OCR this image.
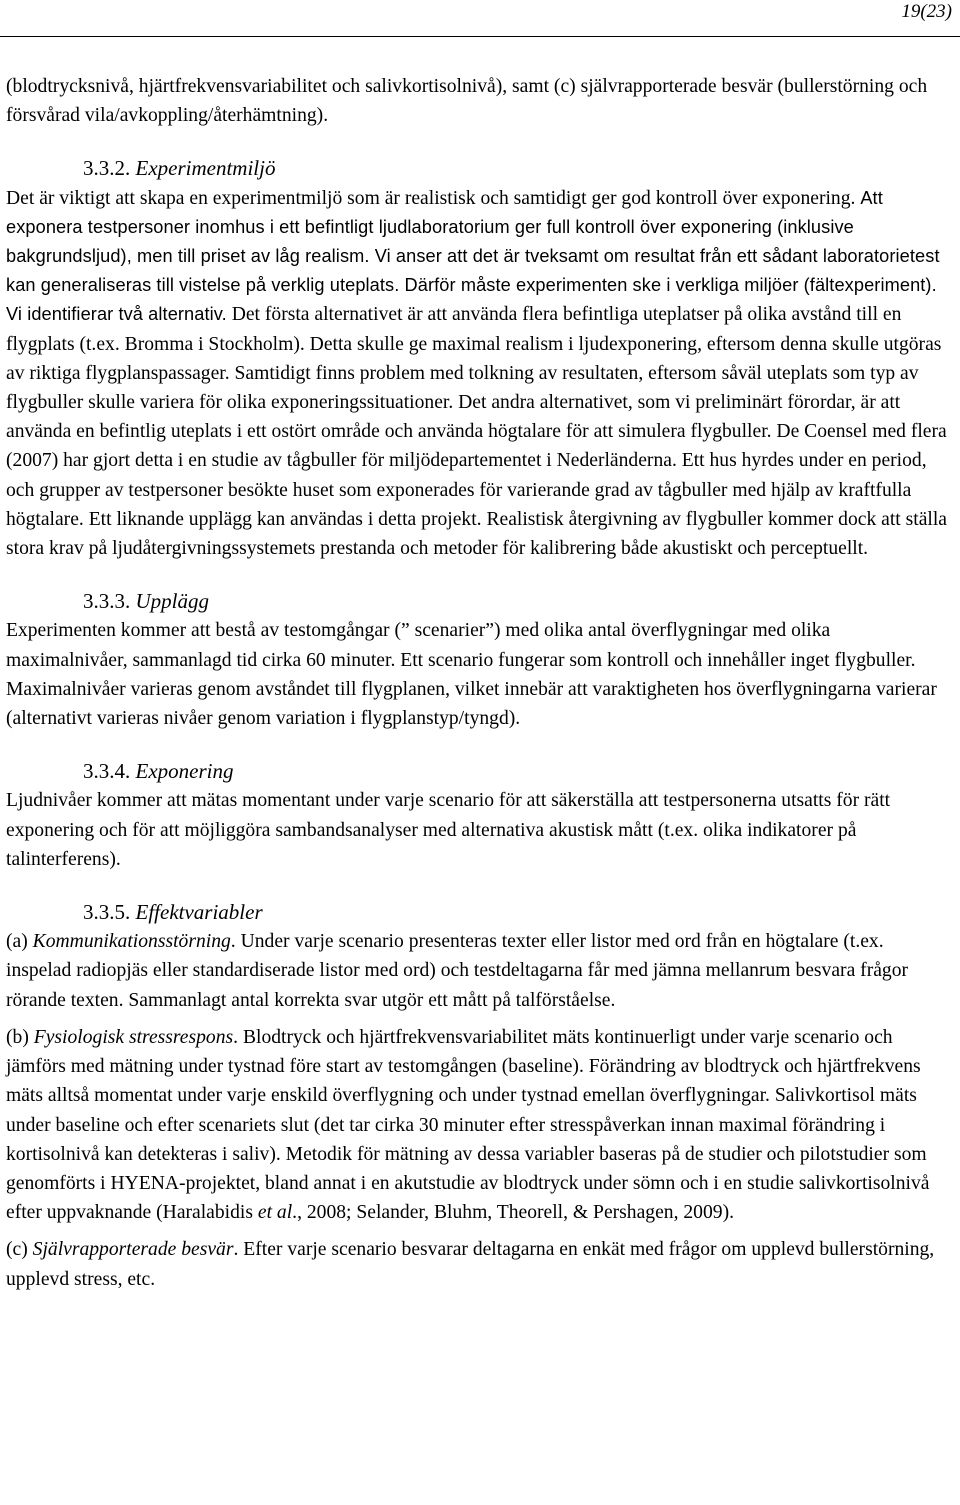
19(23)

(blodtrycksnivå, hjärtfrekvensvariabilitet och salivkortisolnivå), samt (c) självrapporterade besvär (bullerstörning och försvårad vila/avkoppling/återhämtning).

3.3.2. Experimentmiljö

Det är viktigt att skapa en experimentmiljö som är realistisk och samtidigt ger god kontroll över exponering. Att exponera testpersoner inomhus i ett befintligt ljudlaboratorium ger full kontroll över exponering (inklusive bakgrundsljud), men till priset av låg realism. Vi anser att det är tveksamt om resultat från ett sådant laboratorietest kan generaliseras till vistelse på verklig uteplats. Därför måste experimenten ske i verkliga miljöer (fältexperiment). Vi identifierar två alternativ. Det första alternativet är att använda flera befintliga uteplatser på olika avstånd till en flygplats (t.ex. Bromma i Stockholm). Detta skulle ge maximal realism i ljudexponering, eftersom denna skulle utgöras av riktiga flygplanspassager. Samtidigt finns problem med tolkning av resultaten, eftersom såväl uteplats som typ av flygbuller skulle variera för olika exponeringssituationer. Det andra alternativet, som vi preliminärt förordar, är att använda en befintlig uteplats i ett ostört område och använda högtalare för att simulera flygbuller. De Coensel med flera (2007) har gjort detta i en studie av tågbuller för miljödepartementet i Nederländerna. Ett hus hyrdes under en period, och grupper av testpersoner besökte huset som exponerades för varierande grad av tågbuller med hjälp av kraftfulla högtalare. Ett liknande upplägg kan användas i detta projekt. Realistisk återgivning av flygbuller kommer dock att ställa stora krav på ljudåtergivningssystemets prestanda och metoder för kalibrering både akustiskt och perceptuellt.

3.3.3. Upplägg

Experimenten kommer att bestå av testomgångar (” scenarier”) med olika antal överflygningar med olika maximalnivåer, sammanlagd tid cirka 60 minuter. Ett scenario fungerar som kontroll och innehåller inget flygbuller. Maximalnivåer varieras genom avståndet till flygplanen, vilket innebär att varaktigheten hos överflygningarna varierar (alternativt varieras nivåer genom variation i flygplanstyp/tyngd).

3.3.4. Exponering

Ljudnivåer kommer att mätas momentant under varje scenario för att säkerställa att testpersonerna utsatts för rätt exponering och för att möjliggöra sambandsanalyser med alternativa akustisk mått (t.ex. olika indikatorer på talinterferens).

3.3.5. Effektvariabler

(a) Kommunikationsstörning. Under varje scenario presenteras texter eller listor med ord från en högtalare (t.ex. inspelad radiopjäs eller standardiserade listor med ord) och testdeltagarna får med jämna mellanrum besvara frågor rörande texten. Sammanlagt antal korrekta svar utgör ett mått på talförståelse.

(b) Fysiologisk stressrespons. Blodtryck och hjärtfrekvensvariabilitet mäts kontinuerligt under varje scenario och jämförs med mätning under tystnad före start av testomgången (baseline). Förändring av blodtryck och hjärtfrekvens mäts alltså momentat under varje enskild överflygning och under tystnad emellan överflygningar. Salivkortisol mäts under baseline och efter scenariets slut (det tar cirka 30 minuter efter stresspåverkan innan maximal förändring i kortisolnivå kan detekteras i saliv). Metodik för mätning av dessa variabler baseras på de studier och pilotstudier som genomförts i HYENA-projektet, bland annat i en akutstudie av blodtryck under sömn och i en studie salivkortisolnivå efter uppvaknande (Haralabidis et al., 2008; Selander, Bluhm, Theorell, & Pershagen, 2009).

(c) Självrapporterade besvär. Efter varje scenario besvarar deltagarna en enkät med frågor om upplevd bullerstörning, upplevd stress, etc.
